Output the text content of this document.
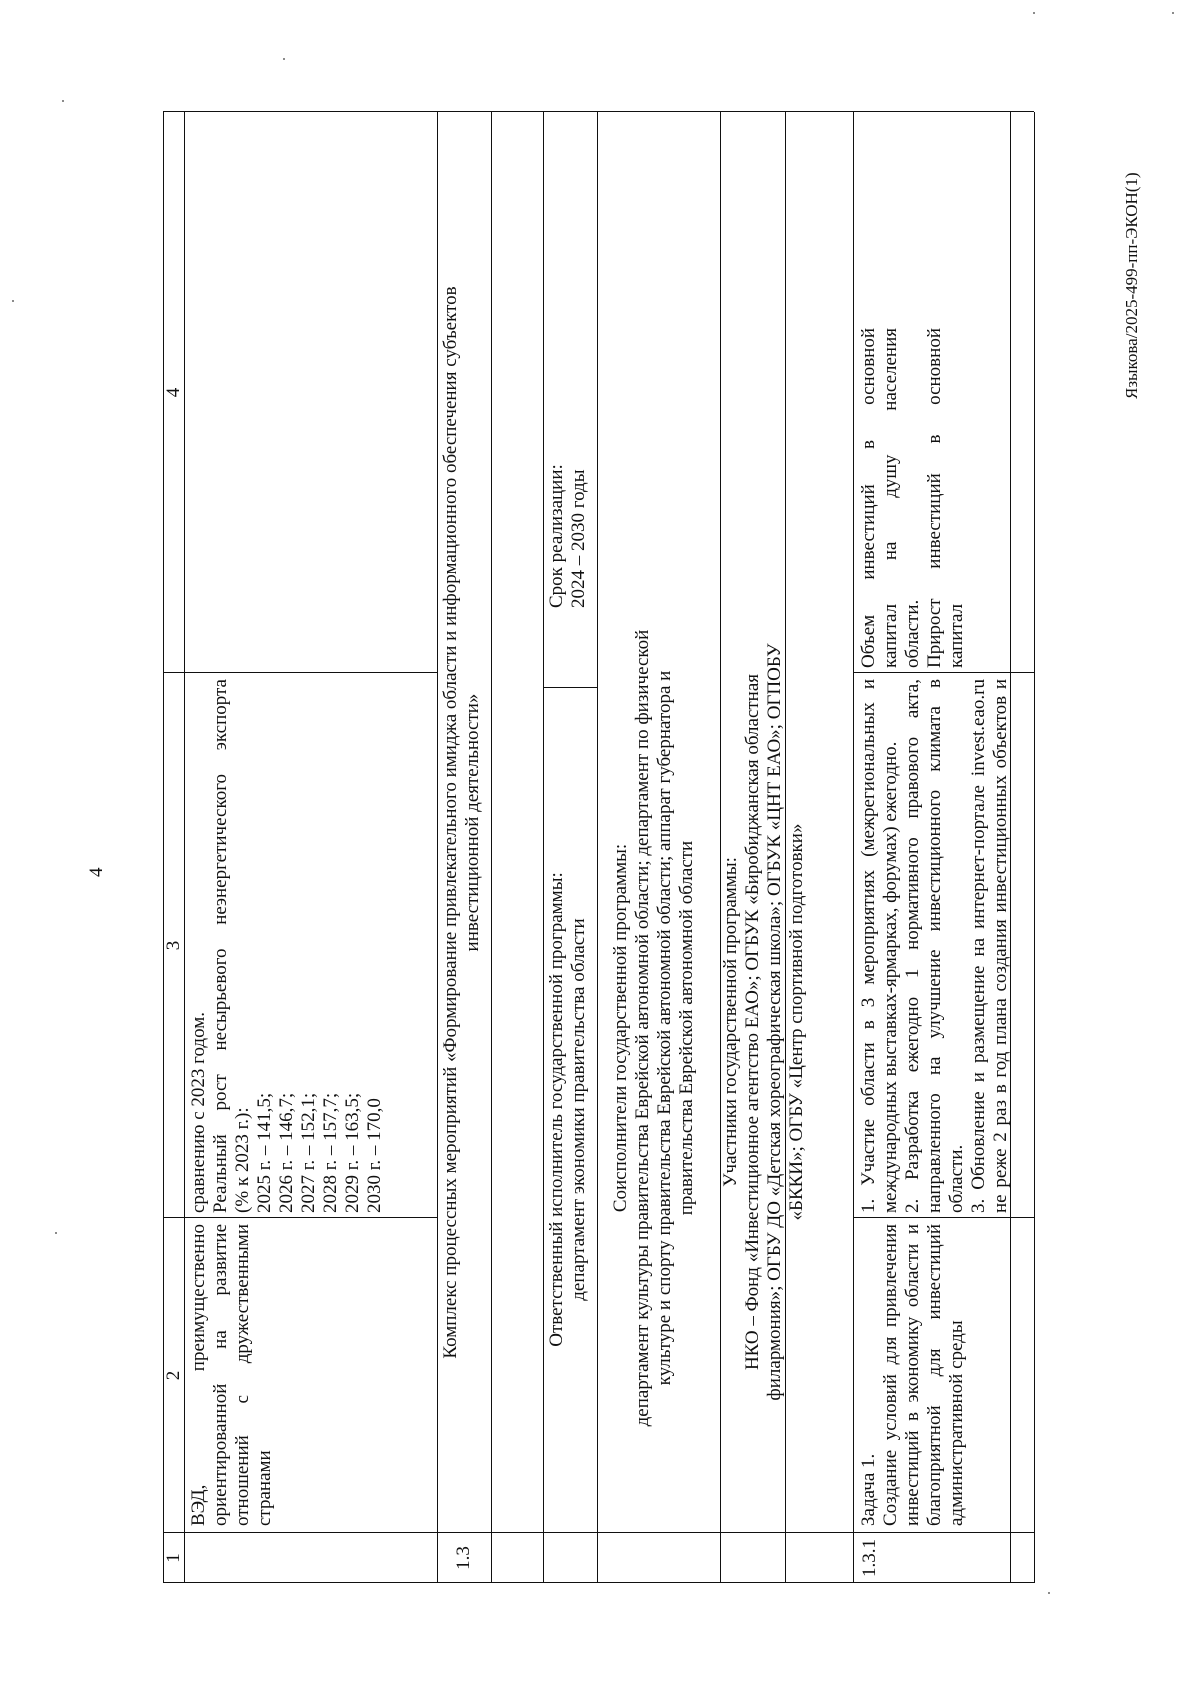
4
Языкова/2025-499-пп-ЭКОН(1)
1
2
3
4
ВЭД, преимущественно ориентированной на развитие отношений с дружественными странами
сравнению с 2023 годом. Реальный рост несырьевого неэнергетического экспорта (% к 2023 г.): 2025 г. – 141,5; 2026 г. – 146,7; 2027 г. – 152,1; 2028 г. – 157,7; 2029 г. – 163,5; 2030 г. – 170,0
1.3
Комплекс процессных мероприятий «Формирование привлекательного имиджа области и информационного обеспечения субъектов инвестиционной деятельности»
Ответственный исполнитель государственной программы: департамент экономики правительства области
Срок реализации: 2024 – 2030 годы
Соисполнители государственной программы: департамент культуры правительства Еврейской автономной области; департамент по физической культуре и спорту правительства Еврейской автономной области; аппарат губернатора и правительства Еврейской автономной области Участники государственной программы: НКО – Фонд «Инвестиционное агентство ЕАО»; ОГБУК «Биробиджанская областная филармония»; ОГБУ ДО «Детская хореографическая школа»; ОГБУК «ЦНТ ЕАО»; ОГПОБУ «БККИ»; ОГБУ «Центр спортивной подготовки»
1.3.1
Задача 1. Создание условий для привлечения инвестиций в экономику области и благоприятной для инвестиций административной среды
1. Участие области в 3 мероприятиях (межрегиональных и международных выставках-ярмарках, форумах) ежегодно. 2. Разработка ежегодно 1 нормативного правового акта, направленного на улучшение инвестиционного климата в области. 3. Обновление и размещение на интернет-портале invest.eao.ru не реже 2 раз в год плана создания инвестиционных объектов и
Объем инвестиций в основной капитал на душу населения области. Прирост инвестиций в основной капитал
